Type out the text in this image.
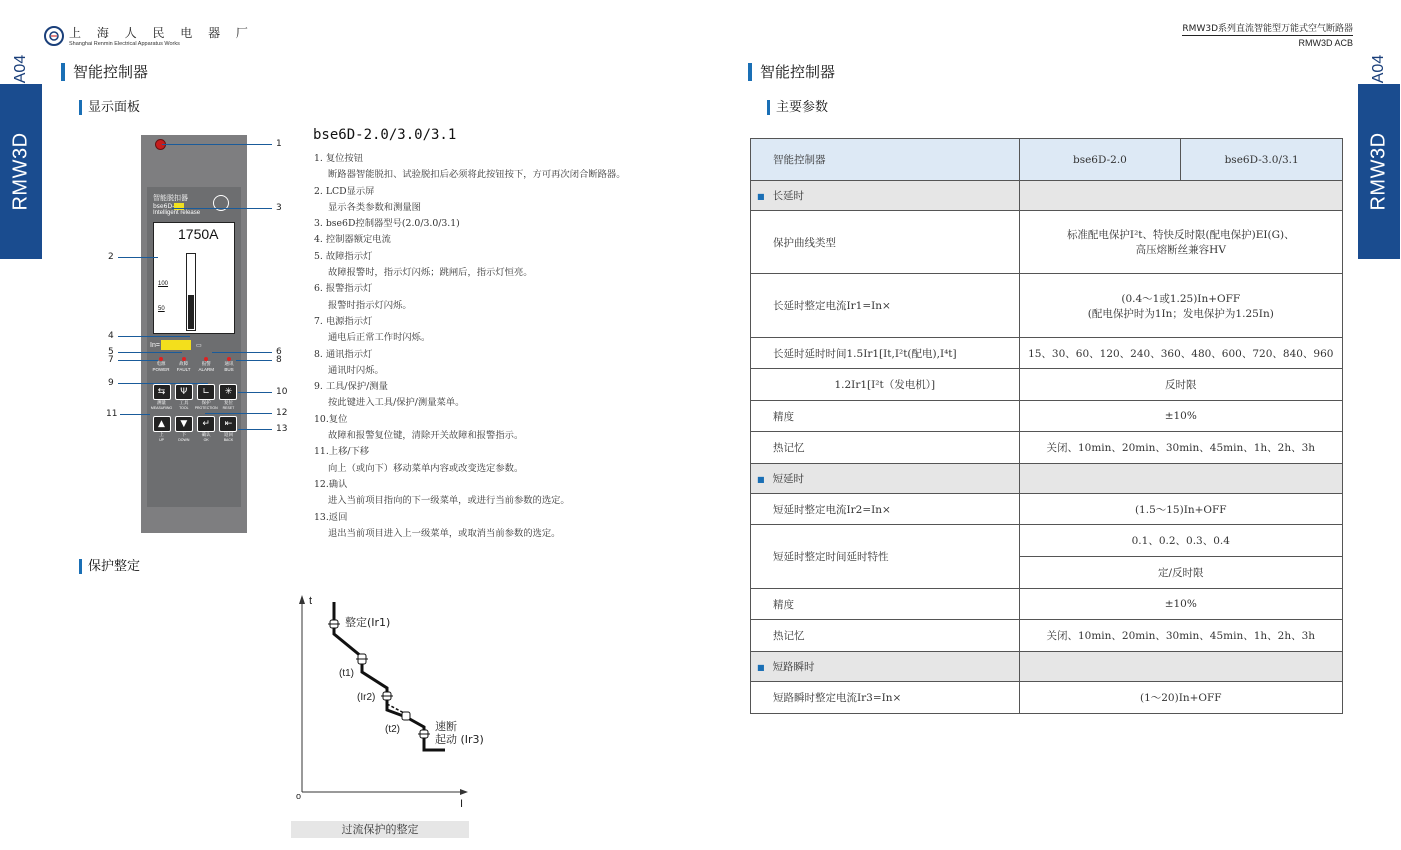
上 海 人 民 电 器 厂
Shanghai Renmin Electrical Apparatus Works
RMW3D系列直流智能型万能式空气断路器
RMW3D ACB
A04
RMW3D
A04
RMW3D
智能控制器
显示面板
bse6D-2.0/3.0/3.1
智能脱扣器
bse6D-
Intelligent release
1750A
100
50
In=	▭
电源
POWER
故障
FAULT
报警
ALARM
通讯
BUS
⇆
测量
MEASURING
Ψ
工具
TOOL
∟
保护
PROTECTION
✳
复位
RESET
▲
上
UP
▼
下
DOWN
↵
确认
OK
⇤
返回
BACK
1
2
3
4
5	6
7	8
9
10
11	12
13
1. 复位按钮
断路器智能脱扣、试验脱扣后必须将此按钮按下，方可再次闭合断路器。
2. LCD显示屏
显示各类参数和测量图
3. bse6D控制器型号(2.0/3.0/3.1)
4. 控制器额定电流
5. 故障指示灯
故障报警时，指示灯闪烁；跳闸后，指示灯恒亮。
6. 报警指示灯
报警时指示灯闪烁。
7. 电源指示灯
通电后正常工作时闪烁。
8. 通讯指示灯
通讯时闪烁。
9. 工具/保护/测量
按此键进入工具/保护/测量菜单。
10.复位
故障和报警复位键，清除开关故障和报警指示。
11.上移/下移
向上（或向下）移动菜单内容或改变选定参数。
12.确认
进入当前项目指向的下一级菜单，或进行当前参数的选定。
13.返回
退出当前项目进入上一级菜单，或取消当前参数的选定。
保护整定
t
I
o
整定(Ir1)
(t1)
(Ir2)
(t2)	速断
起动 (Ir3)
过流保护的整定
智能控制器
主要参数
智能控制器	bse6D-2.0	bse6D-3.0/3.1
■ 长延时		
保护曲线类型	标准配电保护I²t、特快反时限(配电保护)EI(G)、
高压熔断丝兼容HV	

长延时整定电流Ir1=In×	(0.4～1或1.25)In+OFF
(配电保护时为1In；发电保护为1.25In)	

长延时延时时间1.5Ir1[It,I²t(配电),I⁴t]	15、30、60、120、240、360、480、600、720、840、960	
1.2Ir1[I²t（发电机）]	反时限	
精度	±10%	
热记忆	关闭、10min、20min、30min、45min、1h、2h、3h	
■ 短延时		
短延时整定电流Ir2=In×	(1.5～15)In+OFF	
短延时整定时间延时特性	0.1、0.2、0.3、0.4	
	定/反时限	
精度	±10%	
热记忆	关闭、10min、20min、30min、45min、1h、2h、3h	
■ 短路瞬时		
短路瞬时整定电流Ir3=In×	(1～20)In+OFF	
